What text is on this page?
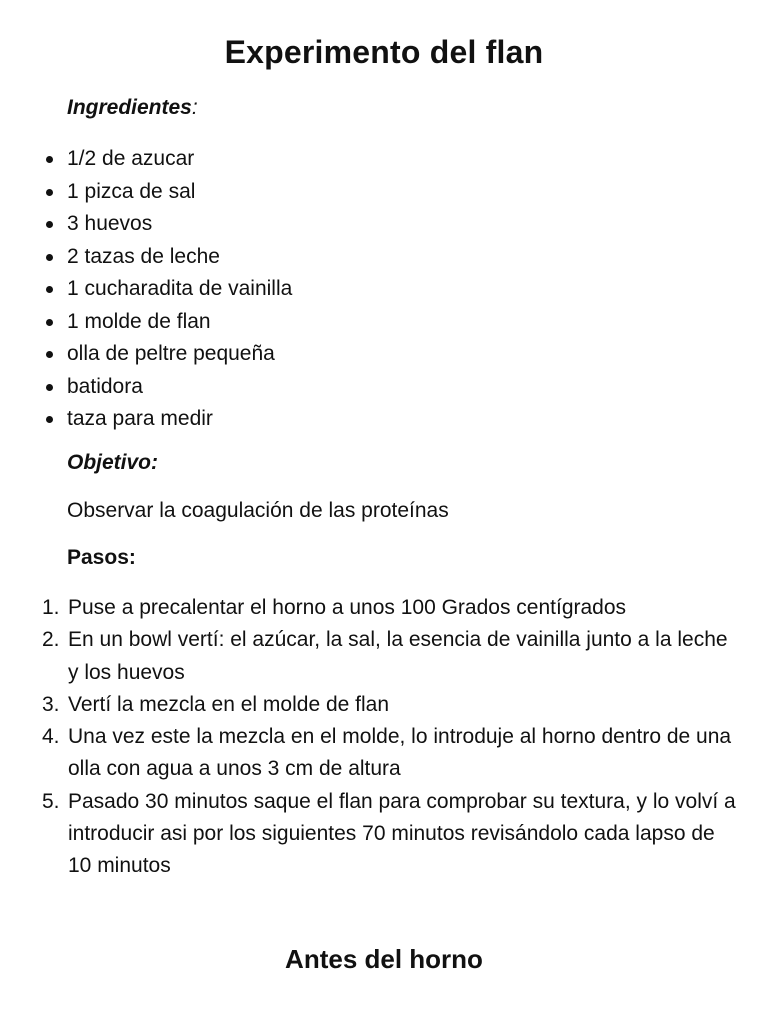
Experimento del flan

Ingredientes:

1/2 de azucar
1 pizca de sal
3 huevos
2 tazas de leche
1 cucharadita de vainilla
1 molde de flan
olla de peltre pequeña
batidora
taza para medir

Objetivo:

Observar la coagulación de las proteínas

Pasos:

1. Puse a precalentar el horno a unos 100 Grados centígrados
2. En un bowl vertí: el azúcar, la sal, la esencia de vainilla junto a la leche y los huevos
3. Vertí la mezcla en el molde de flan
4. Una vez este la mezcla en el molde, lo introduje al horno dentro de una olla con agua a unos 3 cm de altura
5. Pasado 30 minutos saque el flan para comprobar su textura, y lo volví a introducir asi por los siguientes 70 minutos revisándolo cada lapso de 10 minutos
Antes del horno
